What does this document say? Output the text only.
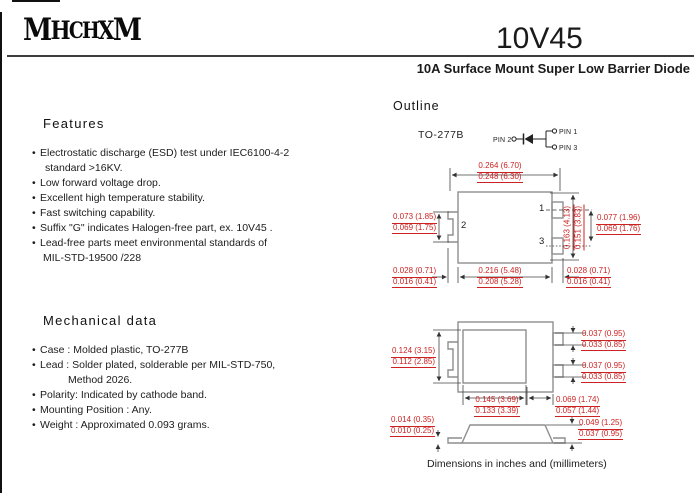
M H C H X M	10V45
10A Surface Mount Super Low Barrier Diode
Outline
TO-277B	PIN 2
PIN 1
PIN 3
Features
• Electrostatic discharge (ESD) test under IEC6100-4-2
standard >16KV.
• Low forward voltage drop.
• Excellent high temperature stability.
• Fast switching capability.
• Suffix "G" indicates Halogen-free part, ex. 10V45 .
• Lead-free parts meet environmental standards of
MIL-STD-19500 /228
Mechanical data
• Case : Molded plastic, TO-277B
• Lead : Solder plated, solderable per MIL-STD-750,
Method 2026.
• Polarity: Indicated by cathode band.
• Mounting Position : Any.
• Weight : Approximated 0.093 grams.
1
2
3
0.264 (6.70)
0.248 (6.30)
0.073 (1.85)
0.069 (1.75)	0.163 (4.13) 0.151 (3.83) 0.077 (1.96)
0.069 (1.76)
0.028 (0.71)
0.016 (0.41)
0.216 (5.48)
0.208 (5.28)
0.028 (0.71)
0.016 (0.41)
0.124 (3.15)
0.112 (2.85)
0.037 (0.95)
0.033 (0.85)
0.037 (0.95)
0.033 (0.85)
0.145 (3.69)
0.133 (3.39)
0.069 (1.74)
0.057 (1.44)
0.014 (0.35)
0.010 (0.25)
0.049 (1.25)
0.037 (0.95)
Dimensions in inches and (millimeters)
